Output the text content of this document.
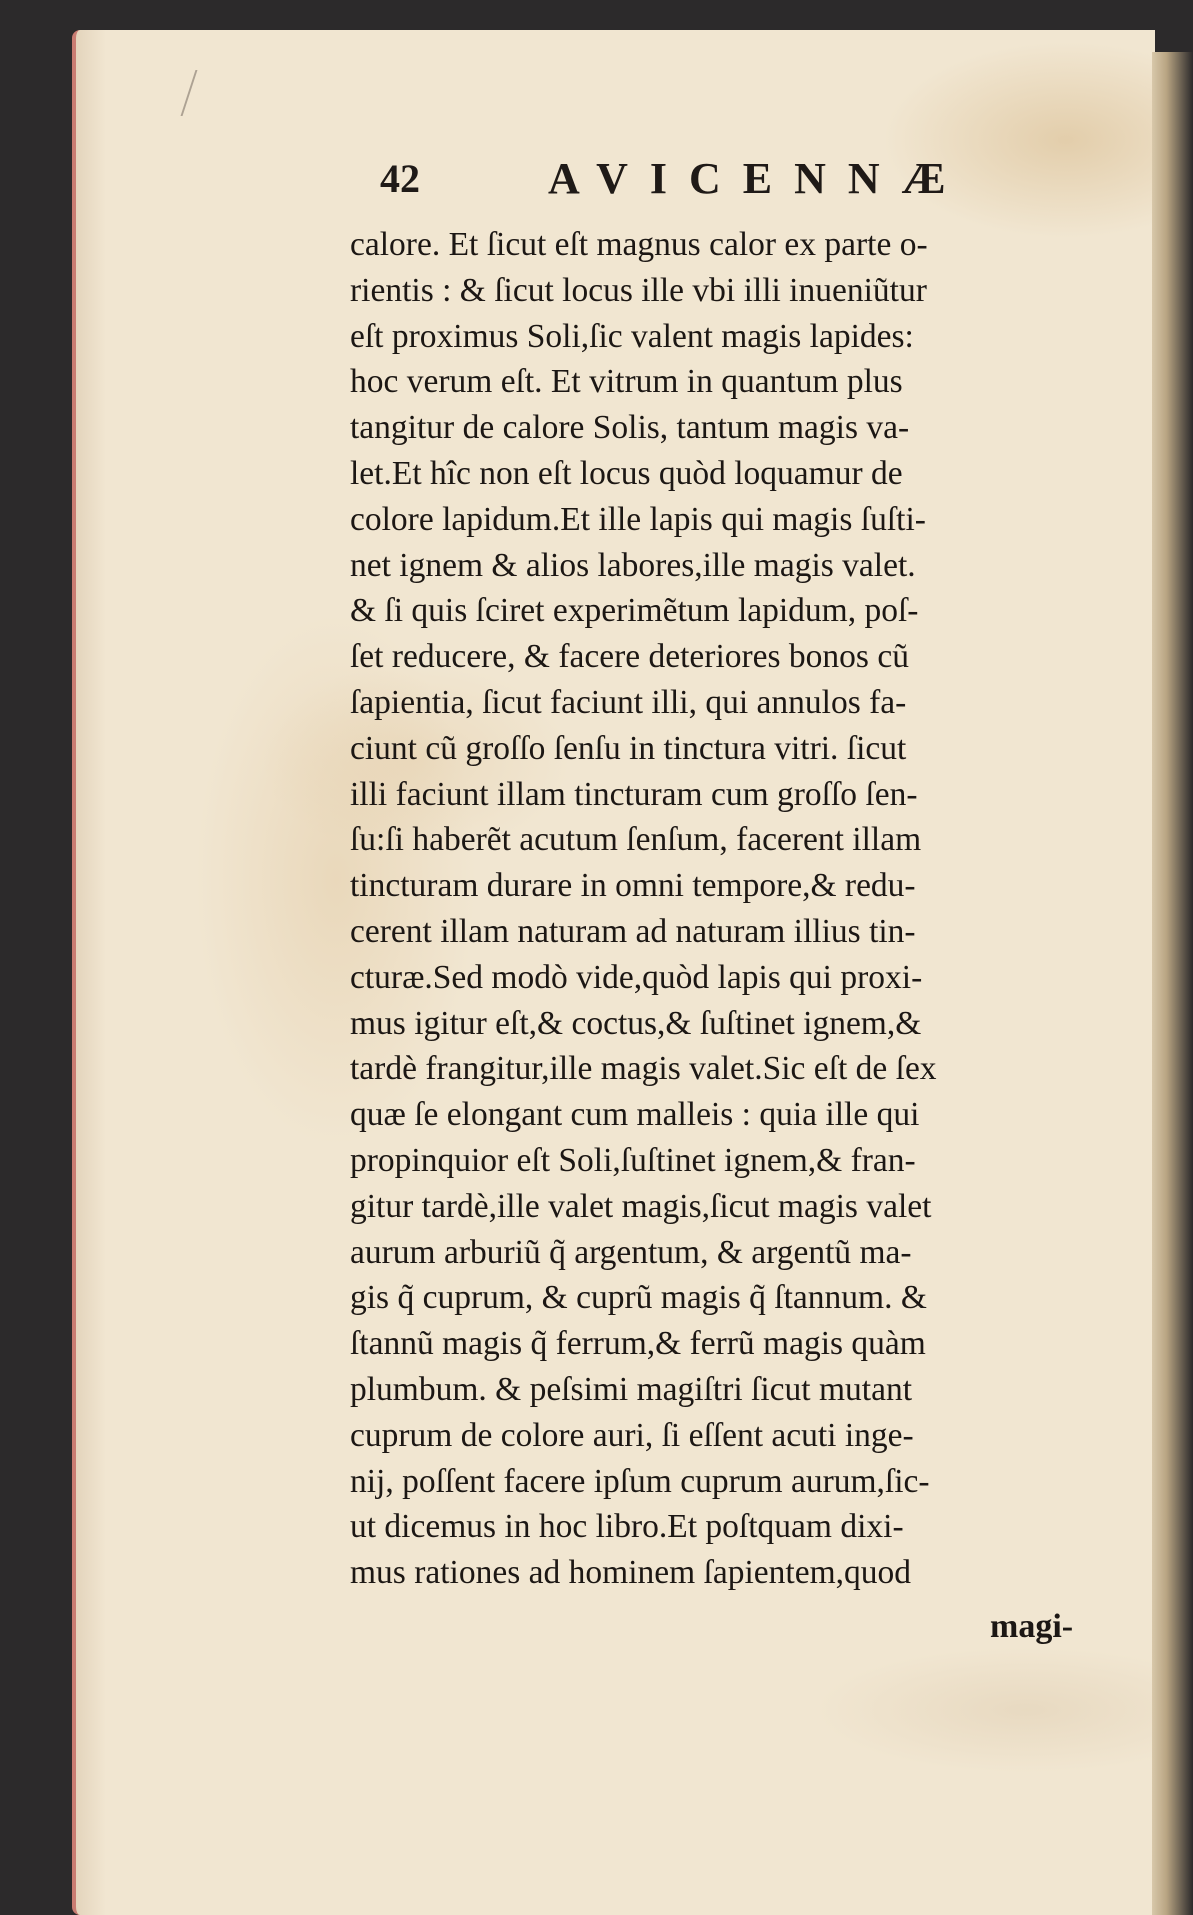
42	AVICENNÆ
calore. Et ſicut eſt magnus calor ex parte o-
rientis : & ſicut locus ille vbi illi inueniũtur
eſt proximus Soli,ſic valent magis lapides:
hoc verum eſt. Et vitrum in quantum plus
tangitur de calore Solis, tantum magis va-
let.Et hîc non eſt locus quòd loquamur de
colore lapidum.Et ille lapis qui magis ſuſti-
net ignem & alios labores,ille magis valet.
& ſi quis ſciret experimẽtum lapidum, poſ-
ſet reducere, & facere deteriores bonos cũ
ſapientia, ſicut faciunt illi, qui annulos fa-
ciunt cũ groſſo ſenſu in tinctura vitri. ſicut
illi faciunt illam tincturam cum groſſo ſen-
ſu:ſi haberẽt acutum ſenſum, facerent illam
tincturam durare in omni tempore,& redu-
cerent illam naturam ad naturam illius tin-
cturæ.Sed modò vide,quòd lapis qui proxi-
mus igitur eſt,& coctus,& ſuſtinet ignem,&
tardè frangitur,ille magis valet.Sic eſt de ſex
quæ ſe elongant cum malleis : quia ille qui
propinquior eſt Soli,ſuſtinet ignem,& fran-
gitur tardè,ille valet magis,ſicut magis valet
aurum arburiũ q̃ argentum, & argentũ ma-
gis q̃ cuprum, & cuprũ magis q̃ ſtannum. &
ſtannũ magis q̃ ferrum,& ferrũ magis quàm
plumbum. & peſsimi magiſtri ſicut mutant
cuprum de colore auri, ſi eſſent acuti inge-
nij, poſſent facere ipſum cuprum aurum,ſic-
ut dicemus in hoc libro.Et poſtquam dixi-
mus rationes ad hominem ſapientem,quod
magi-
